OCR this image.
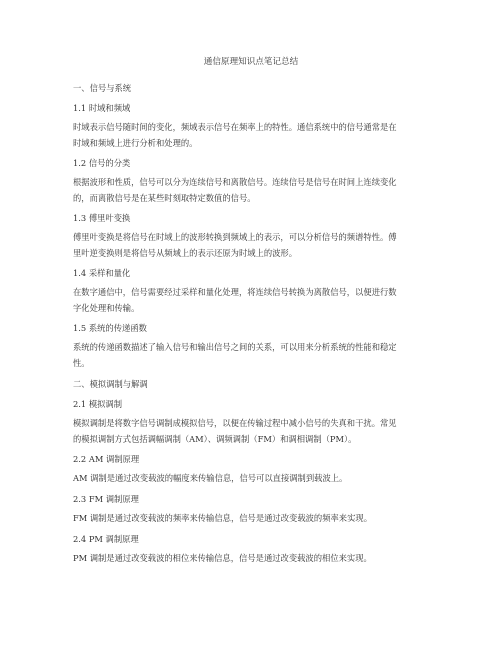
通信原理知识点笔记总结
一、信号与系统
1.1 时域和频域
时域表示信号随时间的变化，频域表示信号在频率上的特性。通信系统中的信号通常是在
时域和频域上进行分析和处理的。
1.2 信号的分类
根据波形和性质，信号可以分为连续信号和离散信号。连续信号是信号在时间上连续变化
的，而离散信号是在某些时刻取特定数值的信号。
1.3 傅里叶变换
傅里叶变换是将信号在时域上的波形转换到频域上的表示，可以分析信号的频谱特性。傅
里叶逆变换则是将信号从频域上的表示还原为时域上的波形。
1.4 采样和量化
在数字通信中，信号需要经过采样和量化处理，将连续信号转换为离散信号，以便进行数
字化处理和传输。
1.5 系统的传递函数
系统的传递函数描述了输入信号和输出信号之间的关系，可以用来分析系统的性能和稳定
性。
二、模拟调制与解调
2.1 模拟调制
模拟调制是将数字信号调制成模拟信号，以便在传输过程中减小信号的失真和干扰。常见
的模拟调制方式包括调幅调制（AM）、调频调制（FM）和调相调制（PM）。
2.2 AM 调制原理
AM 调制是通过改变载波的幅度来传输信息，信号可以直接调制到载波上。
2.3 FM 调制原理
FM 调制是通过改变载波的频率来传输信息，信号是通过改变载波的频率来实现。
2.4 PM 调制原理
PM 调制是通过改变载波的相位来传输信息，信号是通过改变载波的相位来实现。
